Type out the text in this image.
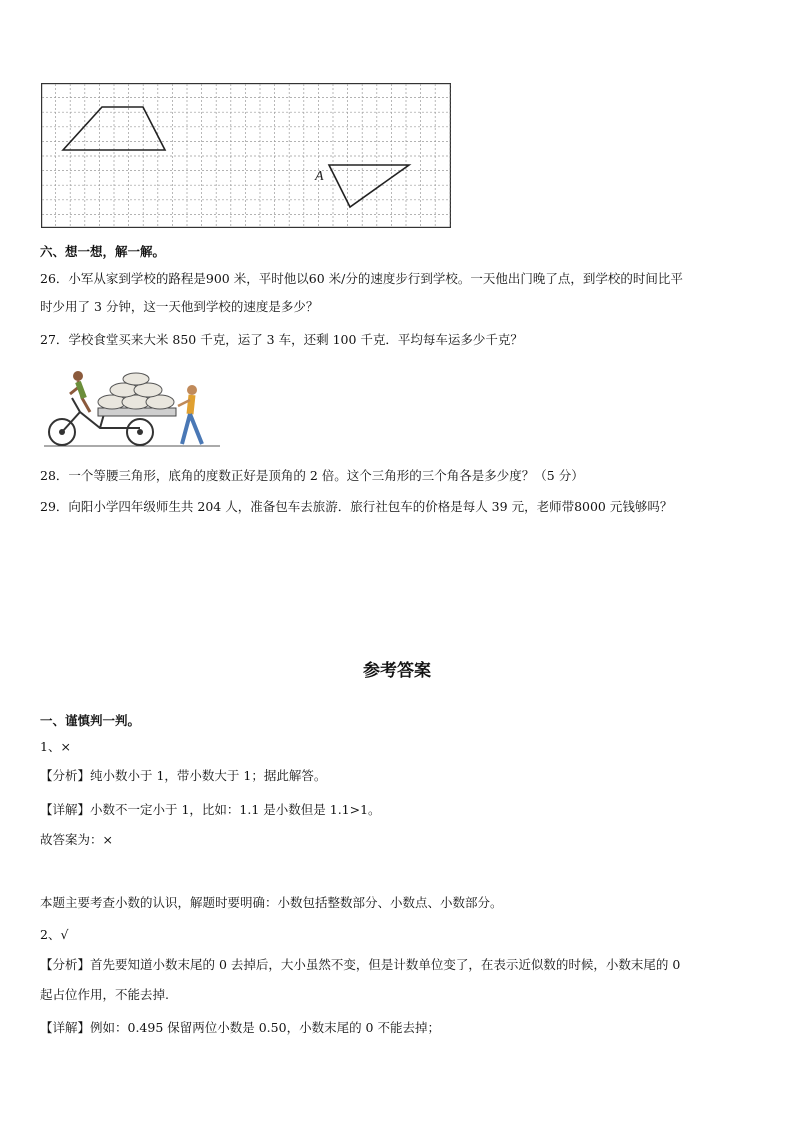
A
六、想一想，解一解。
26．小军从家到学校的路程是900 米，平时他以60 米/分的速度步行到学校。一天他出门晚了点，到学校的时间比平
时少用了 3 分钟，这一天他到学校的速度是多少？
27．学校食堂买来大米 850 千克，运了 3 车，还剩 100 千克．平均每车运多少千克？
28．一个等腰三角形，底角的度数正好是顶角的 2 倍。这个三角形的三个角各是多少度？（5 分）
29．向阳小学四年级师生共 204 人，准备包车去旅游．旅行社包车的价格是每人 39 元，老师带8000 元钱够吗？
参考答案
一、谨慎判一判。
1、×
【分析】纯小数小于 1，带小数大于 1；据此解答。
【详解】小数不一定小于 1，比如：1.1 是小数但是 1.1>1。
故答案为：×
本题主要考查小数的认识，解题时要明确：小数包括整数部分、小数点、小数部分。
2、√
【分析】首先要知道小数末尾的 0 去掉后，大小虽然不变，但是计数单位变了，在表示近似数的时候，小数末尾的 0
起占位作用，不能去掉.
【详解】例如：0.495 保留两位小数是 0.50，小数末尾的 0 不能去掉；
